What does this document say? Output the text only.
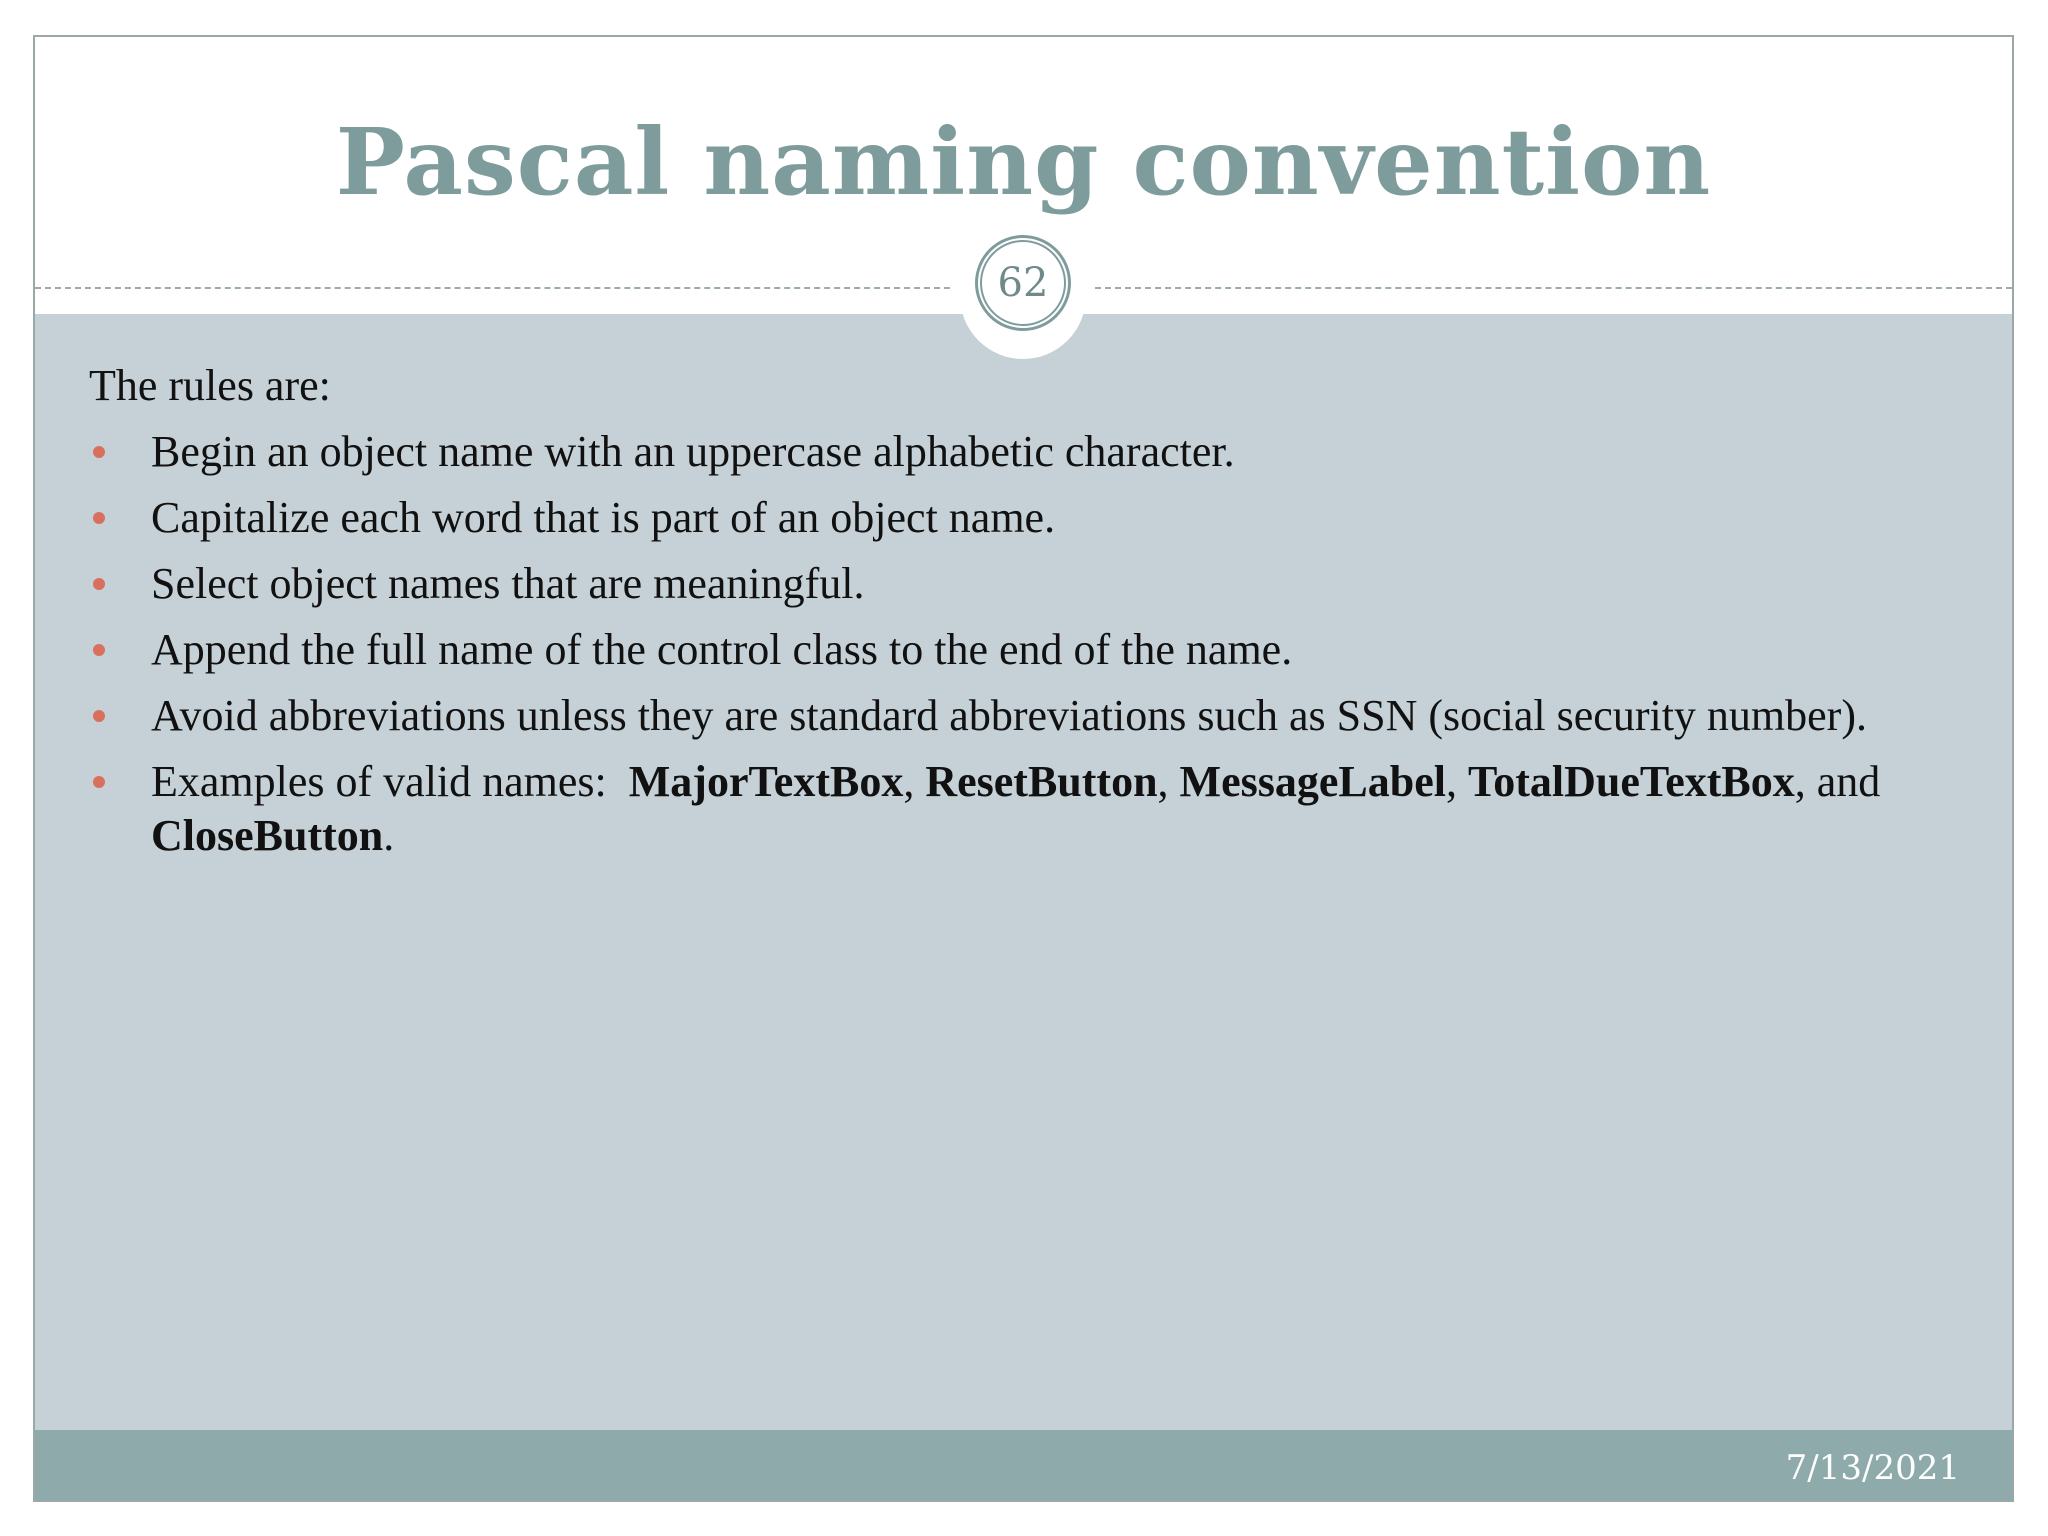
Pascal naming convention
62

The rules are:

Begin an object name with an uppercase alphabetic character.
Capitalize each word that is part of an object name.
Select object names that are meaningful.
Append the full name of the control class to the end of the name.
Avoid abbreviations unless they are standard abbreviations such as SSN (social security number).
Examples of valid names:  MajorTextBox, ResetButton, MessageLabel, TotalDueTextBox, and CloseButton.
7/13/2021
